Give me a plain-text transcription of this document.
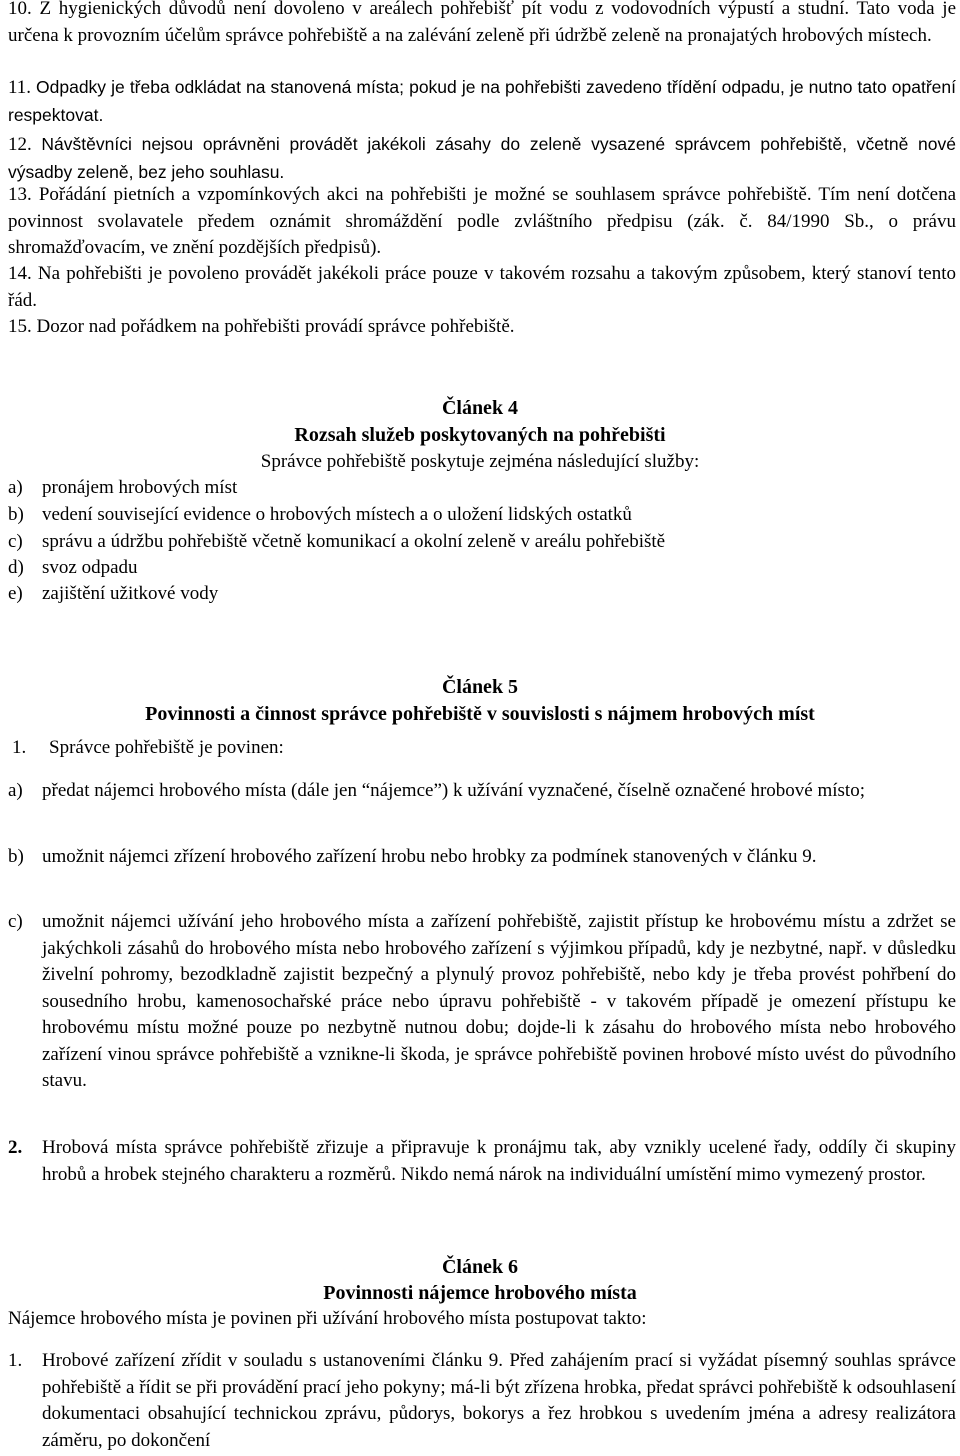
10. Z hygienických důvodů není dovoleno v areálech pohřebišť pít vodu z vodovodních výpustí a studní. Tato voda je určena k provozním účelům správce pohřebiště a na zalévání zeleně při údržbě zeleně na pronajatých hrobových místech.
11. Odpadky je třeba odkládat na stanovená místa; pokud je na pohřebišti zavedeno třídění odpadu, je nutno tato opatření respektovat.
12. Návštěvníci nejsou oprávněni provádět jakékoli zásahy do zeleně vysazené správcem pohřebiště, včetně nové výsadby zeleně, bez jeho souhlasu.
13. Pořádání pietních a vzpomínkových akci na pohřebišti je možné se souhlasem správce pohřebiště. Tím není dotčena povinnost svolavatele předem oznámit shromáždění podle zvláštního předpisu (zák. č. 84/1990 Sb., o právu shromažďovacím, ve znění pozdějších předpisů).
14. Na pohřebišti je povoleno provádět jakékoli práce pouze v takovém rozsahu a takovým způsobem, který stanoví tento řád.
15. Dozor nad pořádkem na pohřebišti provádí správce pohřebiště.
Článek 4
Rozsah služeb poskytovaných na pohřebišti
Správce pohřebiště poskytuje zejména následující služby:
a) pronájem hrobových míst
b) vedení související evidence o hrobových místech a o uložení lidských ostatků
c) správu a údržbu pohřebiště včetně komunikací a okolní zeleně v areálu pohřebiště
d) svoz odpadu
e) zajištění užitkové vody
Článek 5
Povinnosti a činnost správce pohřebiště v souvislosti s nájmem hrobových míst
1. Správce pohřebiště je povinen:
a) předat nájemci hrobového místa (dále jen “nájemce”) k užívání vyznačené, číselně označené hrobové místo;
b) umožnit nájemci zřízení hrobového zařízení hrobu nebo hrobky za podmínek stanovených v článku 9.
c) umožnit nájemci užívání jeho hrobového místa a zařízení pohřebiště, zajistit přístup ke hrobovému místu a zdržet se jakýchkoli zásahů do hrobového místa nebo hrobového zařízení s výjimkou případů, kdy je nezbytné, např. v důsledku živelní pohromy, bezodkladně zajistit bezpečný a plynulý provoz pohřebiště, nebo kdy je třeba provést pohřbení do sousedního hrobu, kamenosochařské práce nebo úpravu pohřebiště - v takovém případě je omezení přístupu ke hrobovému místu možné pouze po nezbytně nutnou dobu; dojde-li k zásahu do hrobového místa nebo hrobového zařízení vinou správce pohřebiště a vznikne-li škoda, je správce pohřebiště povinen hrobové místo uvést do původního stavu.
2. Hrobová místa správce pohřebiště zřizuje a připravuje k pronájmu tak, aby vznikly ucelené řady, oddíly či skupiny hrobů a hrobek stejného charakteru a rozměrů. Nikdo nemá nárok na individuální umístění mimo vymezený prostor.
Článek 6
Povinnosti nájemce hrobového místa
Nájemce hrobového místa je povinen při užívání hrobového místa postupovat takto:
1. Hrobové zařízení zřídit v souladu s ustanoveními článku 9. Před zahájením prací si vyžádat písemný souhlas správce pohřebiště a řídit se při provádění prací jeho pokyny; má-li být zřízena hrobka, předat správci pohřebiště k odsouhlasení dokumentaci obsahující technickou zprávu, půdorys, bokorys a řez hrobkou s uvedením jména a adresy realizátora záměru, po dokončení
